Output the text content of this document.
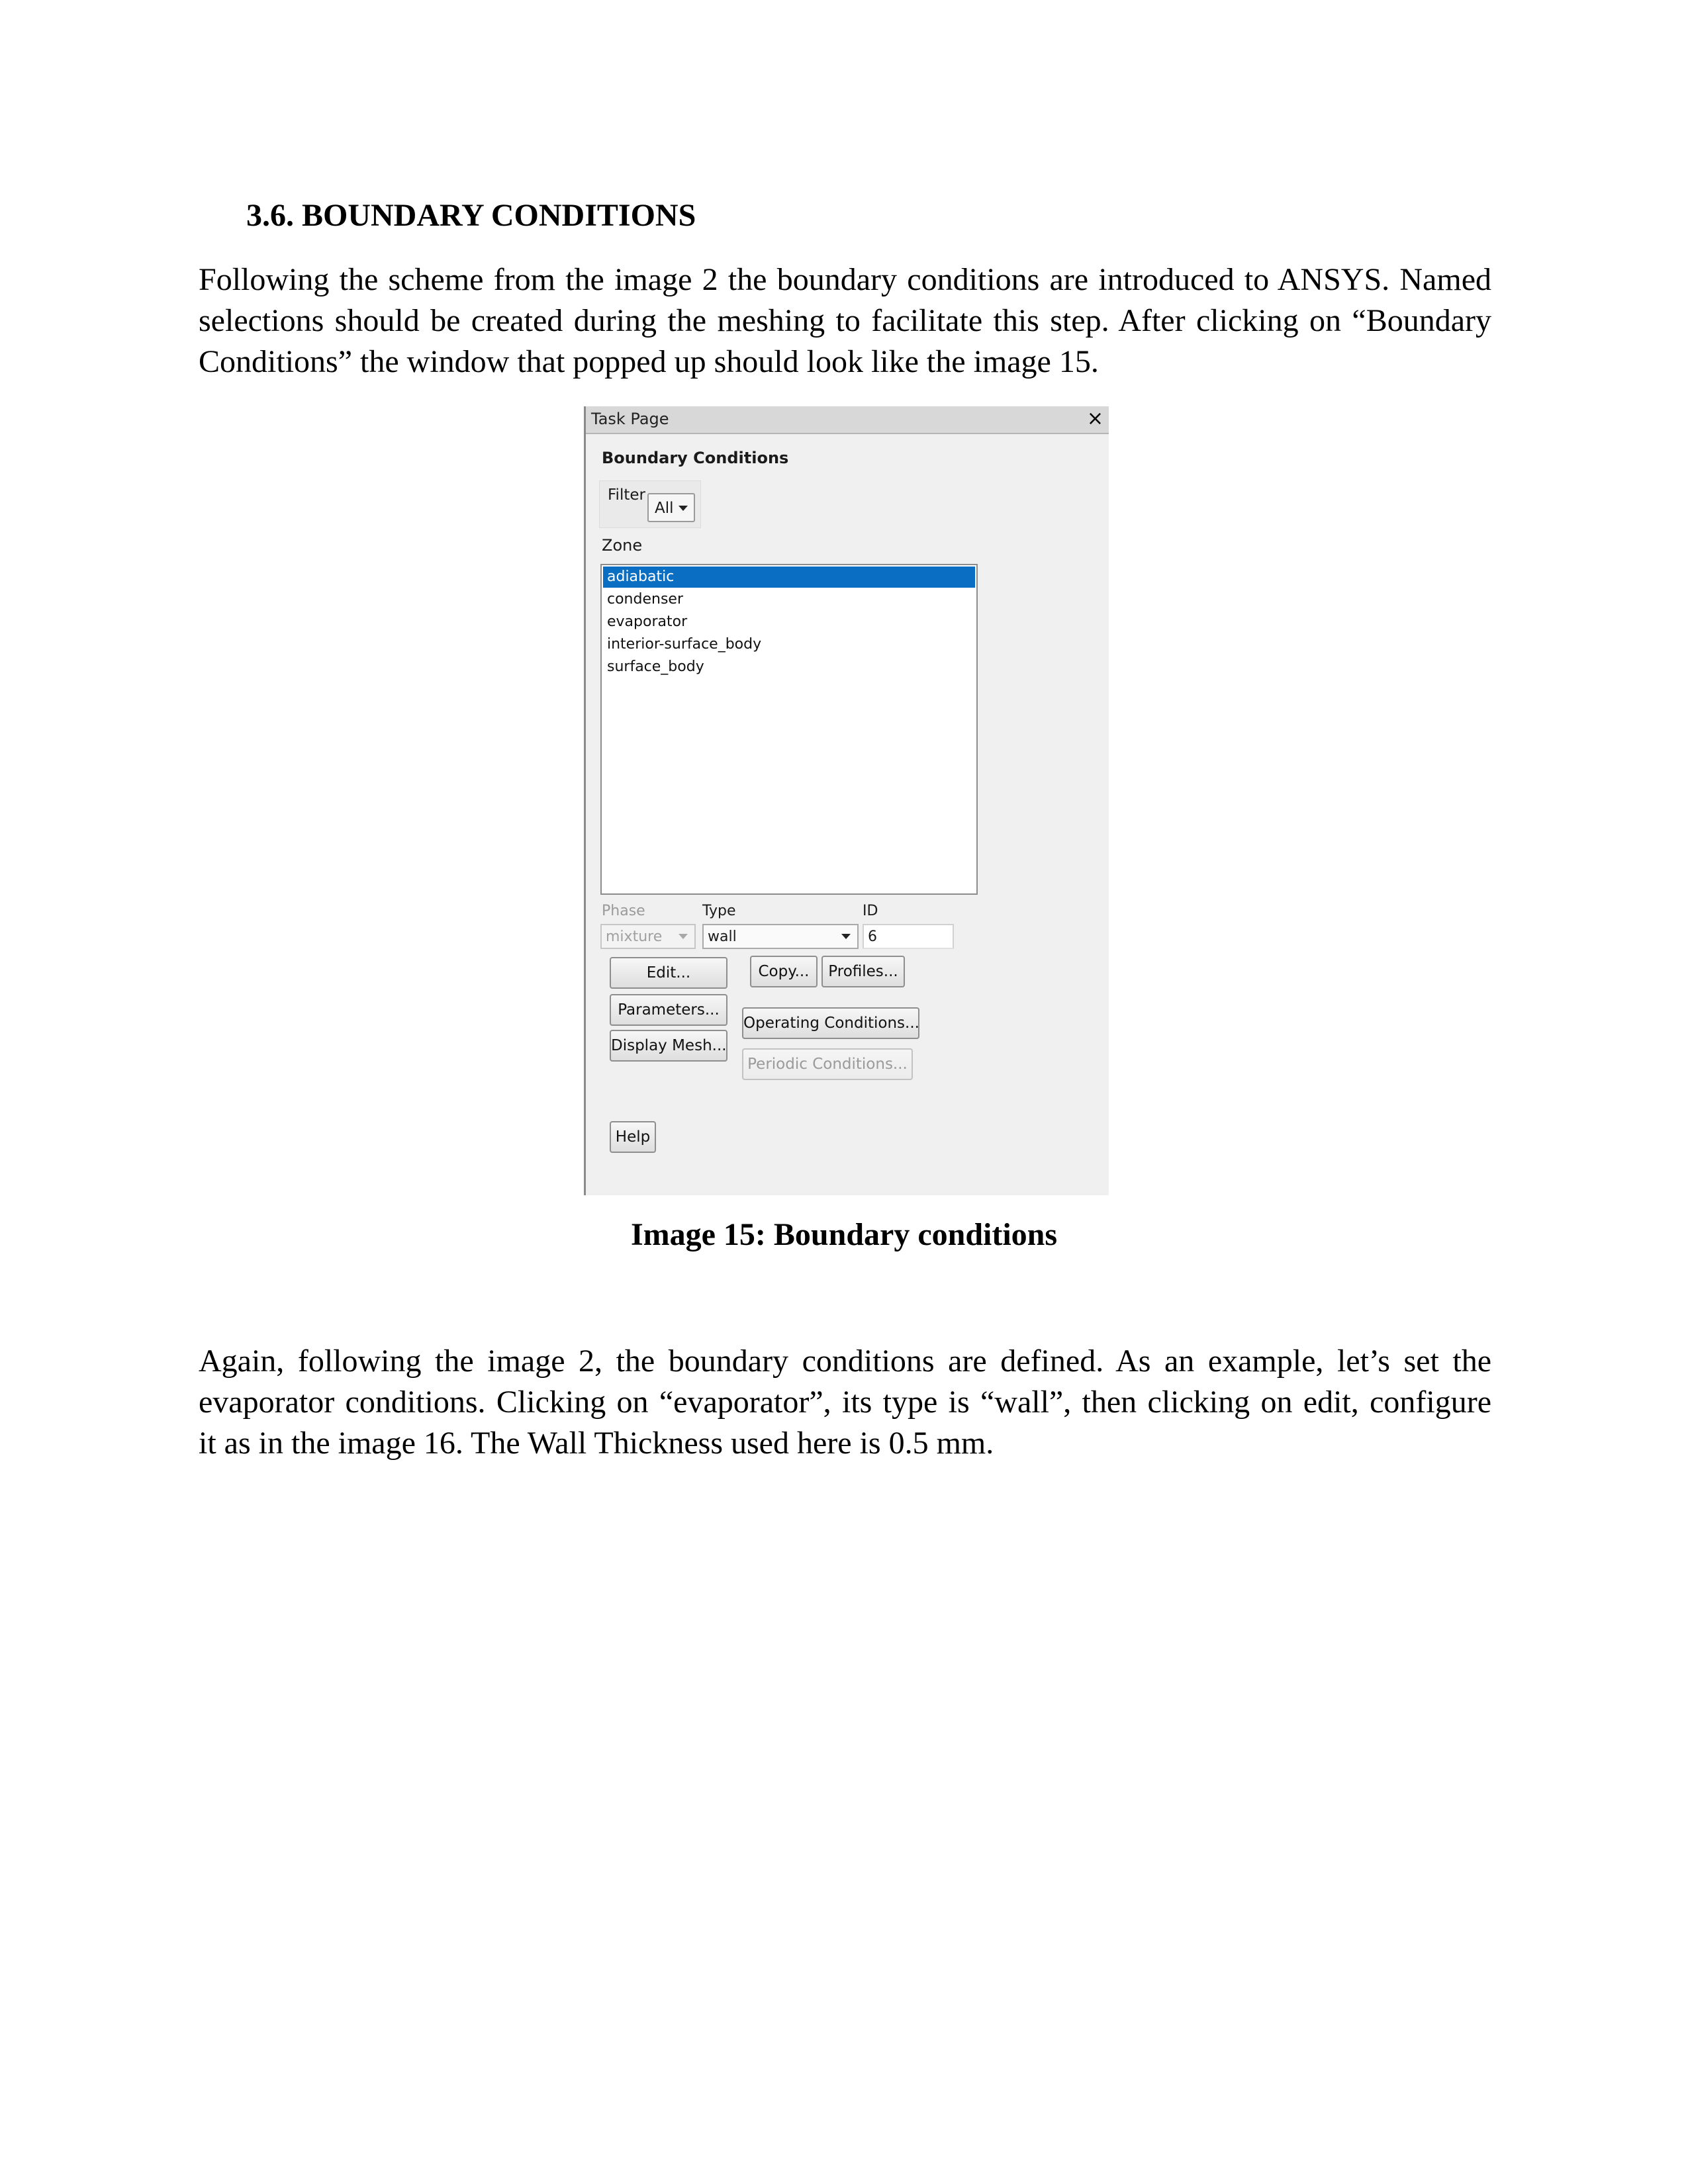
3.6. BOUNDARY CONDITIONS
Following the scheme from the image 2 the boundary conditions are introduced to ANSYS. Named
selections should be created during the meshing to facilitate this step. After clicking on “Boundary
Conditions” the window that popped up should look like the image 15.
Task Page	×
Boundary Conditions
Filter
All
Zone
adiabatic
condenser
evaporator
interior-surface_body
surface_body
Phase	Type	ID
mixture	wall	6
Edit...	Copy...	Profiles...
Parameters...
Operating Conditions...
Display Mesh...
Periodic Conditions...
Help
Image 15: Boundary conditions
Again, following the image 2, the boundary conditions are defined. As an example, let’s set the
evaporator conditions. Clicking on “evaporator”, its type is “wall”, then clicking on edit, configure
it as in the image 16. The Wall Thickness used here is 0.5 mm.
